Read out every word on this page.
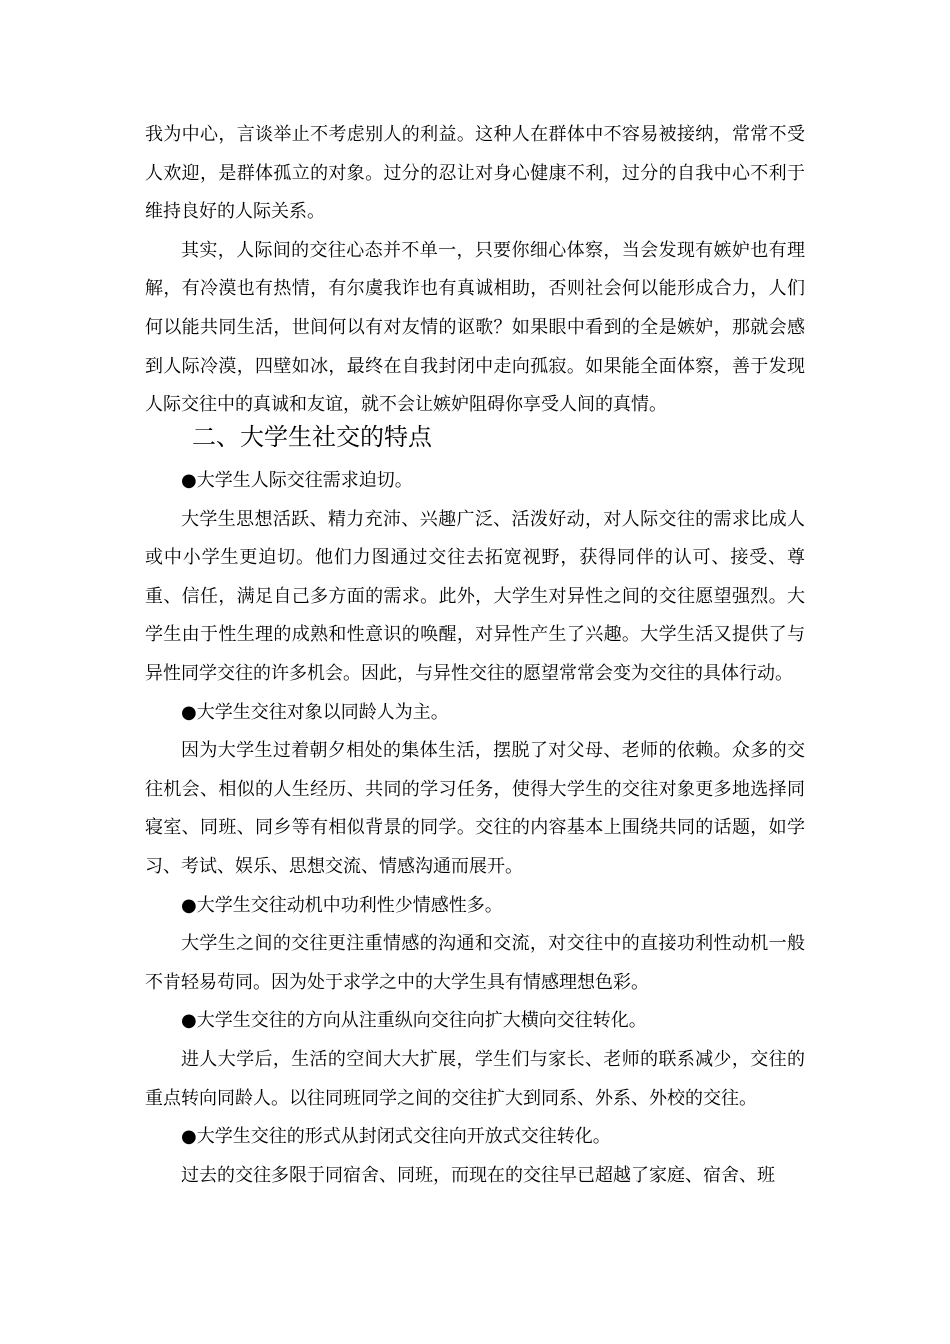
我为中心，言谈举止不考虑别人的利益。这种人在群体中不容易被接纳，常常不受人欢迎，是群体孤立的对象。过分的忍让对身心健康不利，过分的自我中心不利于维持良好的人际关系。

其实，人际间的交往心态并不单一，只要你细心体察，当会发现有嫉妒也有理解，有冷漠也有热情，有尔虞我诈也有真诚相助，否则社会何以能形成合力，人们何以能共同生活，世间何以有对友情的讴歌？如果眼中看到的全是嫉妒，那就会感到人际冷漠，四壁如冰，最终在自我封闭中走向孤寂。如果能全面体察，善于发现人际交往中的真诚和友谊，就不会让嫉妒阻碍你享受人间的真情。

二、大学生社交的特点

●大学生人际交往需求迫切。

大学生思想活跃、精力充沛、兴趣广泛、活泼好动，对人际交往的需求比成人或中小学生更迫切。他们力图通过交往去拓宽视野，获得同伴的认可、接受、尊重、信任，满足自己多方面的需求。此外，大学生对异性之间的交往愿望强烈。大学生由于性生理的成熟和性意识的唤醒，对异性产生了兴趣。大学生活又提供了与异性同学交往的许多机会。因此，与异性交往的愿望常常会变为交往的具体行动。

●大学生交往对象以同龄人为主。

因为大学生过着朝夕相处的集体生活，摆脱了对父母、老师的依赖。众多的交往机会、相似的人生经历、共同的学习任务，使得大学生的交往对象更多地选择同寝室、同班、同乡等有相似背景的同学。交往的内容基本上围绕共同的话题，如学习、考试、娱乐、思想交流、情感沟通而展开。

●大学生交往动机中功利性少情感性多。

大学生之间的交往更注重情感的沟通和交流，对交往中的直接功利性动机一般不肯轻易苟同。因为处于求学之中的大学生具有情感理想色彩。

●大学生交往的方向从注重纵向交往向扩大横向交往转化。

进人大学后，生活的空间大大扩展，学生们与家长、老师的联系减少，交往的重点转向同龄人。以往同班同学之间的交往扩大到同系、外系、外校的交往。

●大学生交往的形式从封闭式交往向开放式交往转化。

过去的交往多限于同宿舍、同班，而现在的交往早已超越了家庭、宿舍、班
